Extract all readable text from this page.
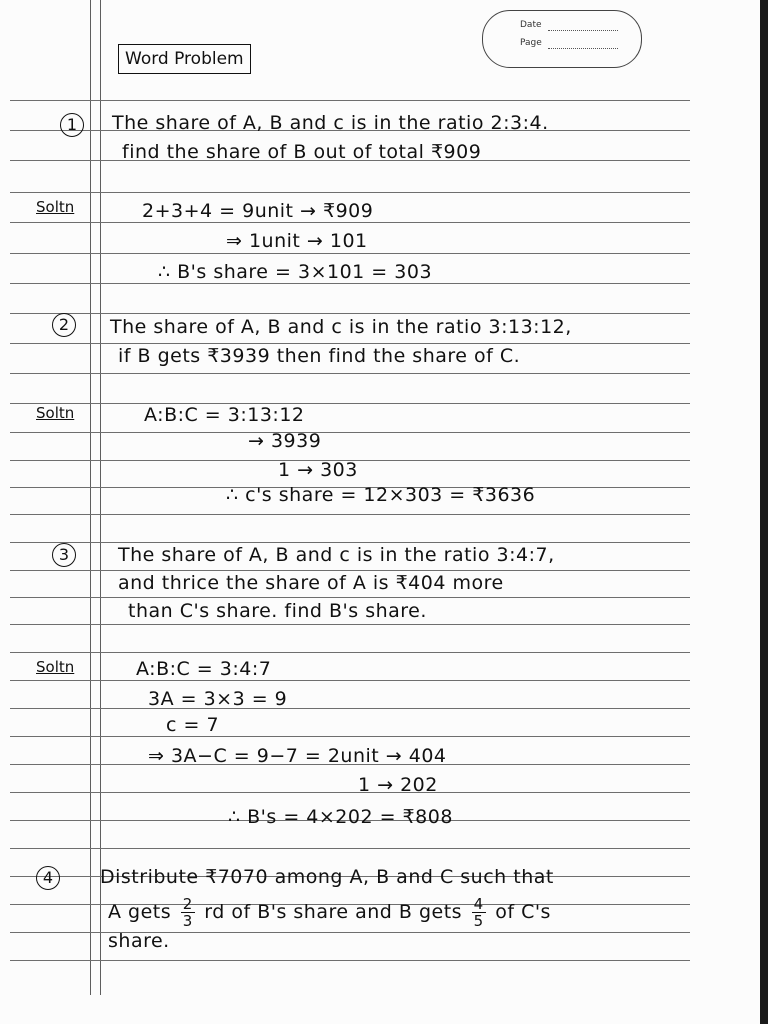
Date
Page
Word Problem
1	The share of A, B and c is in the ratio 2:3:4.
find the share of B out of total ₹909
Soltn	2+3+4 = 9unit → ₹909
⇒ 1unit → 101
∴ B's share = 3×101 = 303
2	The share of A, B and c is in the ratio 3:13:12,
if B gets ₹3939 then find the share of C.
Soltn	A:B:C = 3:13:12
→ 3939
1 → 303
∴ c's share = 12×303 = ₹3636
3	The share of A, B and c is in the ratio 3:4:7,
and thrice the share of A is ₹404 more
than C's share. find B's share.
Soltn	A:B:C = 3:4:7
3A = 3×3 = 9
c = 7
⇒ 3A−C = 9−7 = 2unit → 404
1 → 202
∴ B's = 4×202 = ₹808
4	Distribute ₹7070 among A, B and C such that
A gets $\frac{2}{3}$ rd of B's share and B gets $\frac{4}{5}$ of C's
share.
